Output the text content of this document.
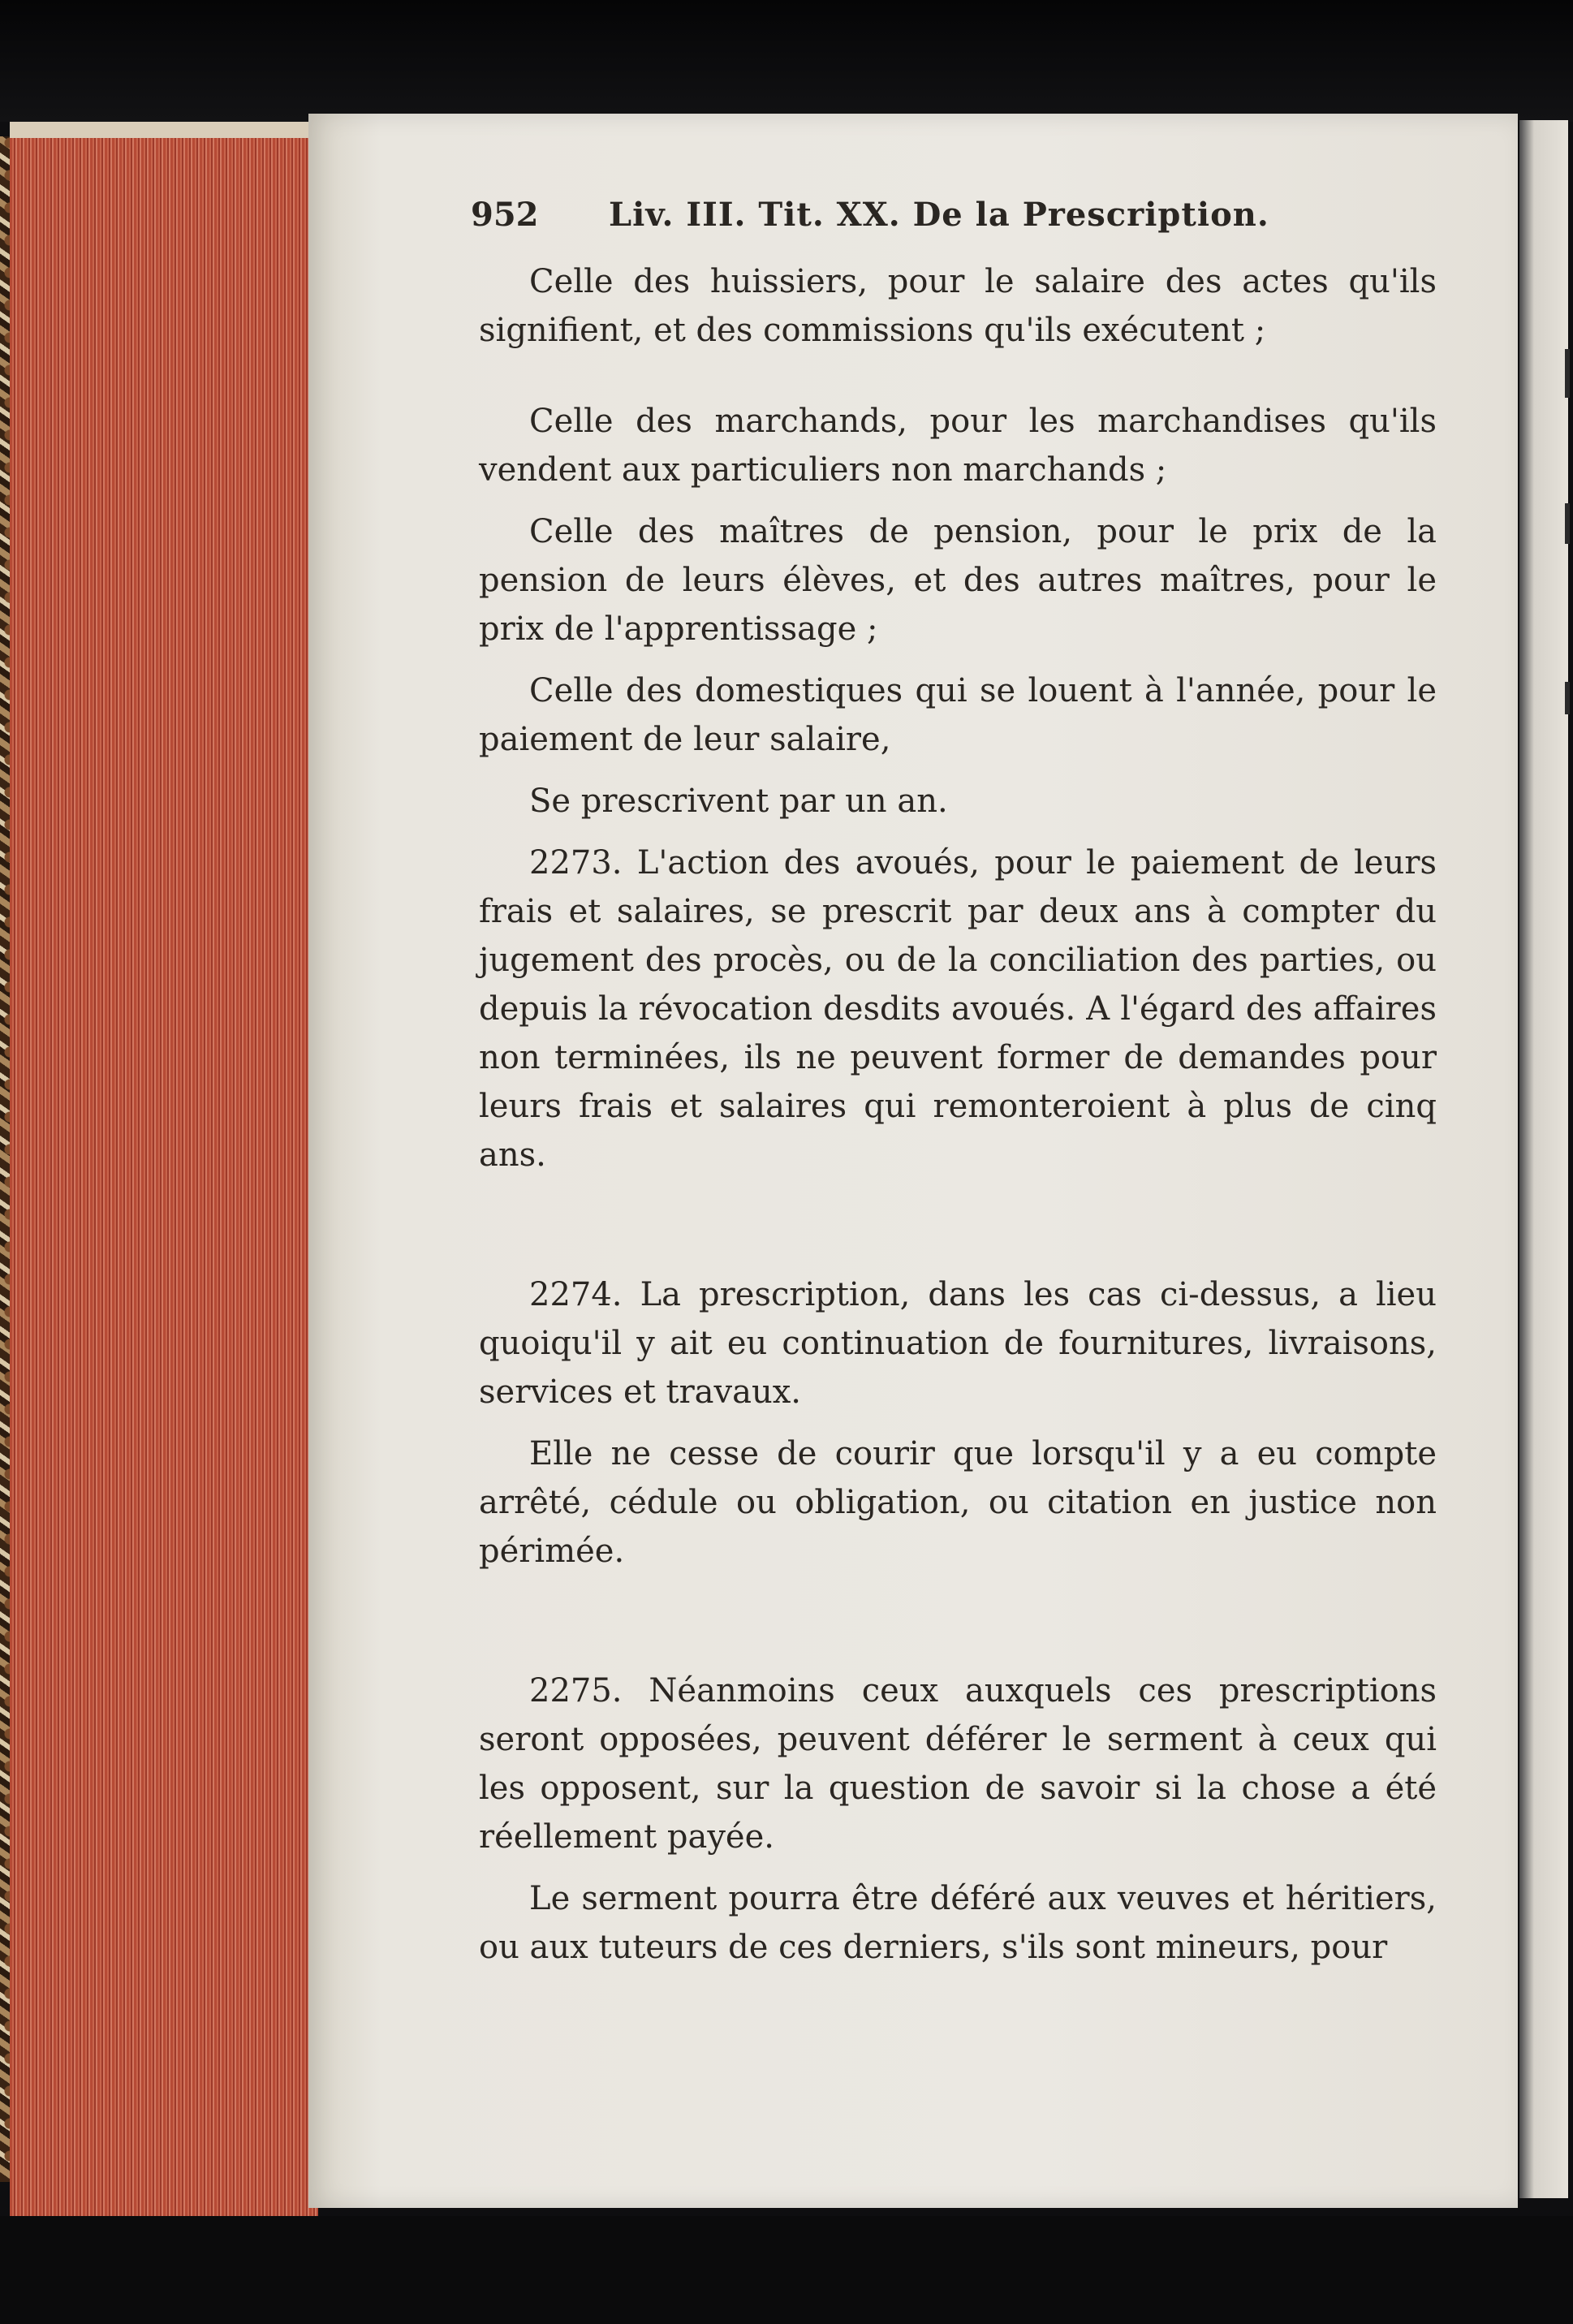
952	Liv. III. Tit. XX. De la Prescription.

Celle des huissiers, pour le salaire des actes qu'ils signifient, et des commissions qu'ils exécutent ;

Celle des marchands, pour les marchandises qu'ils vendent aux particuliers non marchands ;

Celle des maîtres de pension, pour le prix de la pension de leurs élèves, et des autres maîtres, pour le prix de l'apprentissage ;

Celle des domestiques qui se louent à l'année, pour le paiement de leur salaire,

Se prescrivent par un an.

2273. L'action des avoués, pour le paiement de leurs frais et salaires, se prescrit par deux ans à compter du jugement des procès, ou de la conciliation des parties, ou depuis la révocation desdits avoués. A l'égard des affaires non terminées, ils ne peuvent former de demandes pour leurs frais et salaires qui remonteroient à plus de cinq ans.

2274. La prescription, dans les cas ci-dessus, a lieu quoiqu'il y ait eu continuation de fournitures, livraisons, services et travaux.

Elle ne cesse de courir que lorsqu'il y a eu compte arrêté, cédule ou obligation, ou citation en justice non périmée.

2275. Néanmoins ceux auxquels ces prescriptions seront opposées, peuvent déférer le serment à ceux qui les opposent, sur la question de savoir si la chose a été réellement payée.

Le serment pourra être déféré aux veuves et héritiers, ou aux tuteurs de ces derniers, s'ils sont mineurs, pour
